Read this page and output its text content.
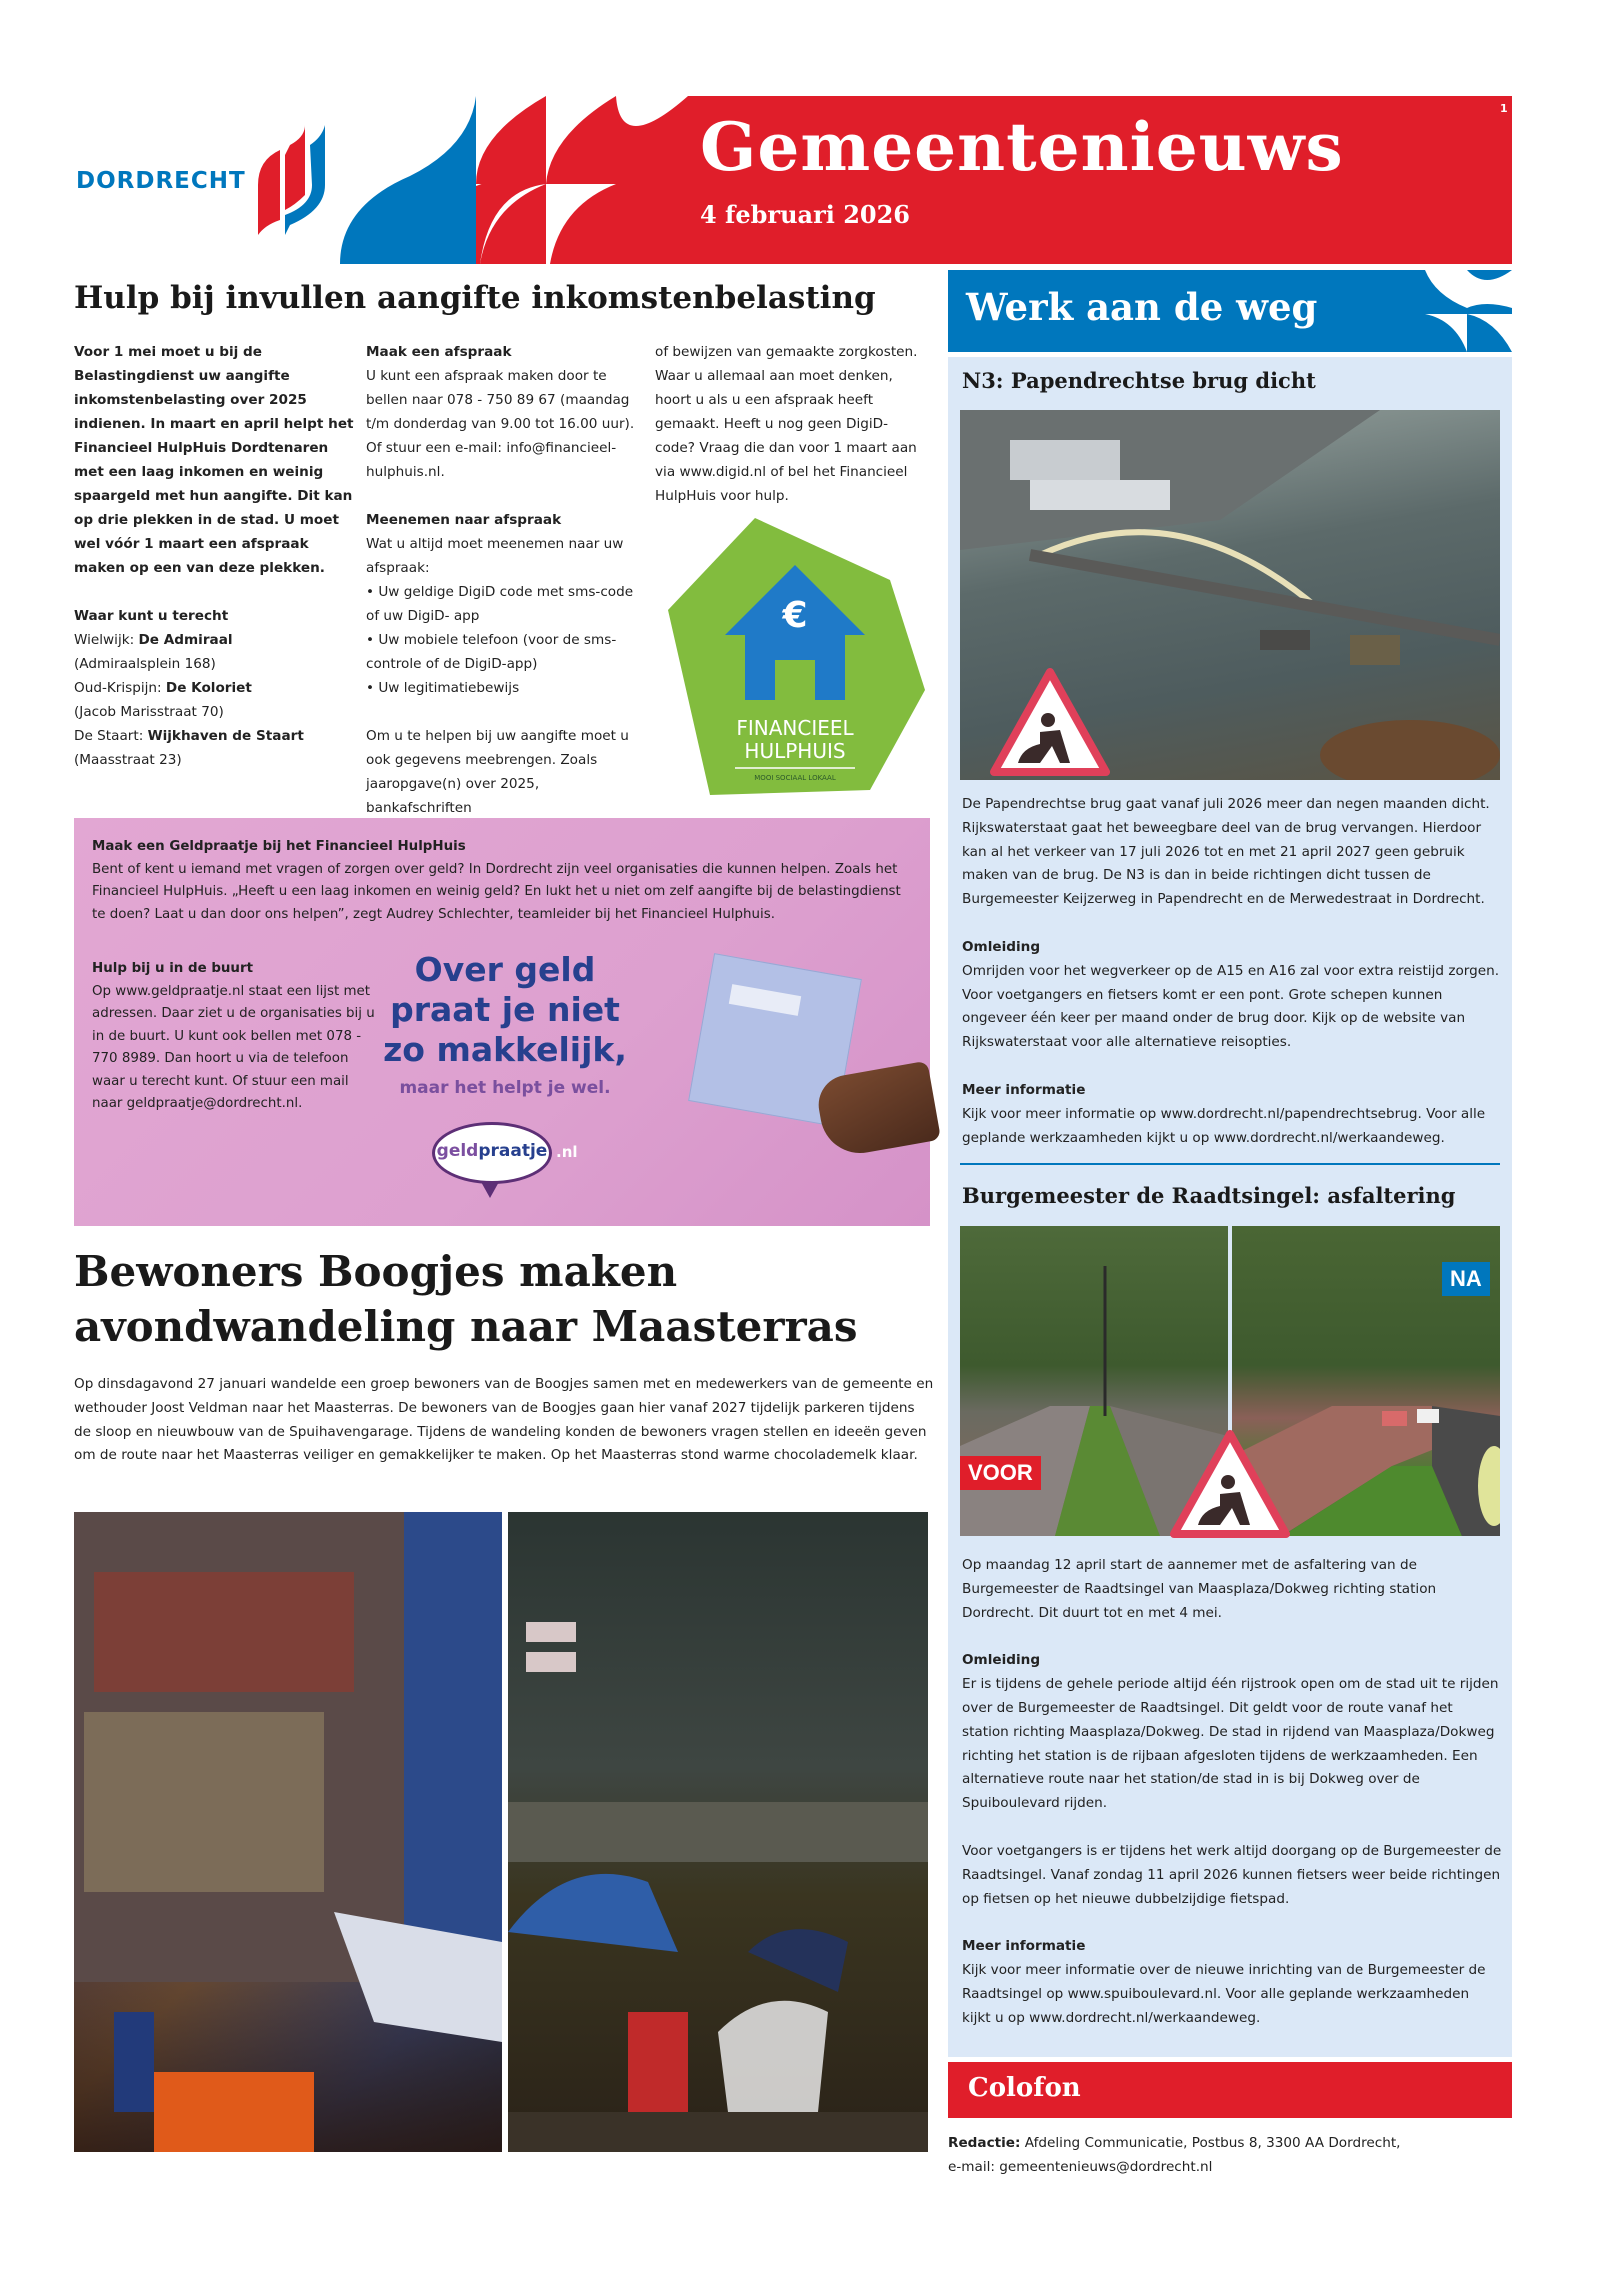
DORDRECHT	Gemeentenieuws
4 februari 2026
1
Hulp bij invullen aangifte inkomstenbelasting

Voor 1 mei moet u bij de Belastingdienst uw aangifte inkomstenbelasting over 2025 indienen. In maart en april helpt het Financieel HulpHuis Dordtenaren met een laag inkomen en weinig spaargeld met hun aangifte. Dit kan op drie plekken in de stad. U moet wel vóór 1 maart een afspraak maken op een van deze plekken.

Waar kunt u terecht
Wielwijk: De Admiraal
(Admiraalsplein 168)
Oud-Krispijn: De Koloriet
(Jacob Marisstraat 70)
De Staart: Wijkhaven de Staart
(Maasstraat 23)

Maak een afspraak
U kunt een afspraak maken door te bellen naar 078 - 750 89 67 (maandag t/m donderdag van 9.00 tot 16.00 uur). Of stuur een e-mail: info@financieel-hulphuis.nl.

Meenemen naar afspraak
Wat u altijd moet meenemen naar uw afspraak:
• Uw geldige DigiD code met sms-code of uw DigiD- app
• Uw mobiele telefoon (voor de sms-controle of de DigiD-app)
• Uw legitimatiebewijs

Om u te helpen bij uw aangifte moet u ook gegevens meebrengen. Zoals jaaropgave(n) over 2025, bankafschriften

of bewijzen van gemaakte zorgkosten. Waar u allemaal aan moet denken, hoort u als u een afspraak heeft gemaakt. Heeft u nog geen DigiD-code? Vraag die dan voor 1 maart aan via www.digid.nl of bel het Financieel HulpHuis voor hulp.

€
FINANCIEEL
HULPHUIS
MOOI SOCIAAL LOKAAL
Maak een Geldpraatje bij het Financieel HulpHuis
Bent of kent u iemand met vragen of zorgen over geld? In Dordrecht zijn veel organisaties die kunnen helpen. Zoals het Financieel HulpHuis. „Heeft u een laag inkomen en weinig geld? En lukt het u niet om zelf aangifte bij de belastingdienst te doen? Laat u dan door ons helpen”, zegt Audrey Schlechter, teamleider bij het Financieel Hulphuis.
Hulp bij u in de buurt
Op www.geldpraatje.nl staat een lijst met adressen. Daar ziet u de organisaties bij u in de buurt. U kunt ook bellen met 078 - 770 8989. Dan hoort u via de telefoon waar u terecht kunt. Of stuur een mail naar geldpraatje@dordrecht.nl.
Over geld praat je niet zo makkelijk,
maar het helpt je wel.
geldpraatje .nl
Bewoners Boogjes maken avondwandeling naar Maasterras
Op dinsdagavond 27 januari wandelde een groep bewoners van de Boogjes samen met en medewerkers van de gemeente en wethouder Joost Veldman naar het Maasterras. De bewoners van de Boogjes gaan hier vanaf 2027 tijdelijk parkeren tijdens de sloop en nieuwbouw van de Spuihavengarage. Tijdens de wandeling konden de bewoners vragen stellen en ideeën geven om de route naar het Maasterras veiliger en gemakkelijker te maken. Op het Maasterras stond warme chocolademelk klaar.
Werk aan de weg
N3: Papendrechtse brug dicht

De Papendrechtse brug gaat vanaf juli 2026 meer dan negen maanden dicht. Rijkswaterstaat gaat het beweegbare deel van de brug vervangen. Hierdoor kan al het verkeer van 17 juli 2026 tot en met 21 april 2027 geen gebruik maken van de brug. De N3 is dan in beide richtingen dicht tussen de Burgemeester Keijzerweg in Papendrecht en de Merwedestraat in Dordrecht.

Omleiding
Omrijden voor het wegverkeer op de A15 en A16 zal voor extra reistijd zorgen. Voor voetgangers en fietsers komt er een pont. Grote schepen kunnen ongeveer één keer per maand onder de brug door. Kijk op de website van Rijkswaterstaat voor alle alternatieve reisopties.

Meer informatie
Kijk voor meer informatie op www.dordrecht.nl/papendrechtsebrug. Voor alle geplande werkzaamheden kijkt u op www.dordrecht.nl/werkaandeweg.

Burgemeester de Raadtsingel: asfaltering
VOOR
NA

Op maandag 12 april start de aannemer met de asfaltering van de Burgemeester de Raadtsingel van Maasplaza/Dokweg richting station Dordrecht. Dit duurt tot en met 4 mei.

Omleiding
Er is tijdens de gehele periode altijd één rijstrook open om de stad uit te rijden over de Burgemeester de Raadtsingel. Dit geldt voor de route vanaf het station richting Maasplaza/Dokweg. De stad in rijdend van Maasplaza/Dokweg richting het station is de rijbaan afgesloten tijdens de werkzaamheden. Een alternatieve route naar het station/de stad in is bij Dokweg over de Spuiboulevard rijden.

Voor voetgangers is er tijdens het werk altijd doorgang op de Burgemeester de Raadtsingel. Vanaf zondag 11 april 2026 kunnen fietsers weer beide richtingen op fietsen op het nieuwe dubbelzijdige fietspad.

Meer informatie
Kijk voor meer informatie over de nieuwe inrichting van de Burgemeester de Raadtsingel op www.spuiboulevard.nl. Voor alle geplande werkzaamheden kijkt u op www.dordrecht.nl/werkaandeweg.

Colofon
Redactie: Afdeling Communicatie, Postbus 8, 3300 AA Dordrecht,
e-mail: gemeentenieuws@dordrecht.nl
